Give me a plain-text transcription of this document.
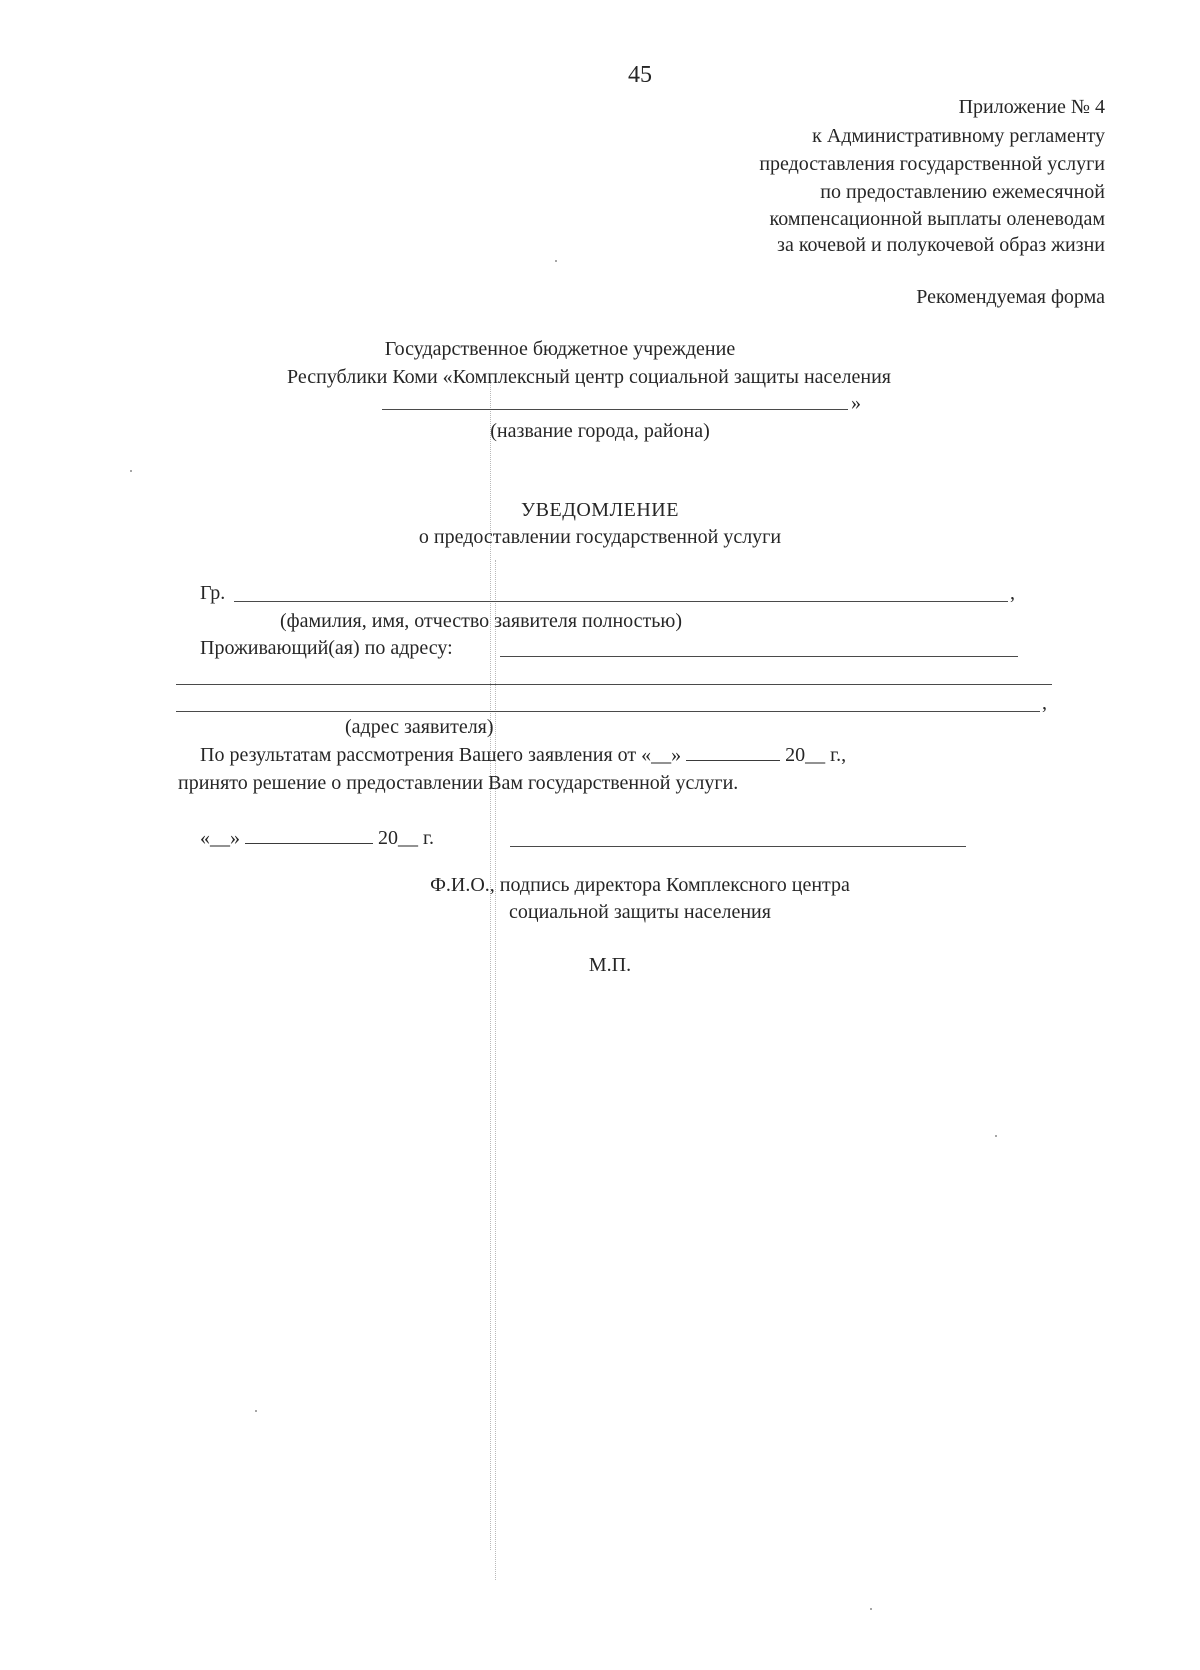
45
Приложение № 4
к Административному регламенту
предоставления государственной услуги
по предоставлению ежемесячной
компенсационной выплаты оленеводам
за кочевой и полукочевой образ жизни
Рекомендуемая форма
Государственное бюджетное учреждение
Республики Коми «Комплексный центр социальной защиты населения
»
(название города, района)
УВЕДОМЛЕНИЕ
о предоставлении государственной услуги
Гр.	,
(фамилия, имя, отчество заявителя полностью)
Проживающий(ая) по адресу:
,
(адрес заявителя)
По результатам рассмотрения Вашего заявления от «__»	20__ г.,
принято решение о предоставлении Вам государственной услуги.
«__»	20__ г.
Ф.И.О., подпись директора Комплексного центра
социальной защиты населения
М.П.
